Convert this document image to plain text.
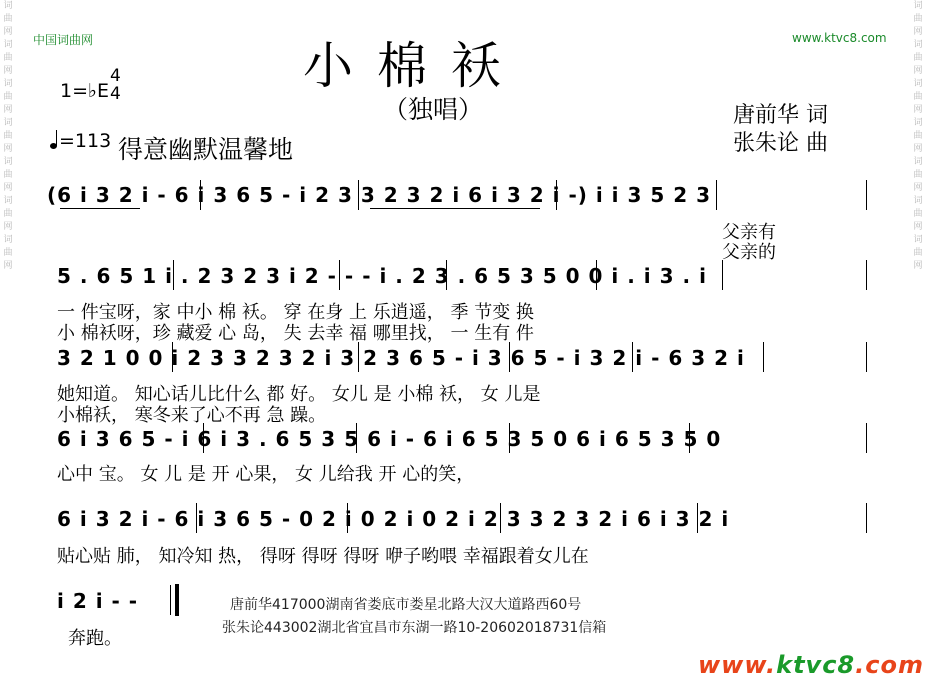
词曲网词曲网词曲网词曲网词曲网词曲网词曲网
词曲网词曲网词曲网词曲网词曲网词曲网词曲网
中国词曲网	www.ktvc8.com
小棉袄
（独唱）	唐前华 词
张朱论 曲
1=♭E
4
4
=113 得意幽默温馨地
(6 i 3 2 i - 6 i 3 6 5 - i 2 3 3 2 3 2 i 6 i 3 2 i -) i i 3 5 2 3
父亲有
父亲的
5 . 6 5 1 i . 2 3 2 3 i 2 - - - i . 2 3 . 6 5 3 5 0 0 i . i 3 . i
一 件宝呀，家 中小 棉 袄。 穿 在身 上 乐逍遥， 季 节变 换
小 棉袄呀，珍 藏爱 心 岛， 失 去幸 福 哪里找， 一 生有 件
3 2 1 0 0 i 2 3 3 2 3 2 i 3 2 3 6 5 - i 3 6 5 - i 3 2 i - 6 3 2 i
她知道。 知心话儿比什么 都 好。 女儿 是 小棉 袄， 女 儿是
小棉袄， 寒冬来了心不再 急 躁。
6 i 3 6 5 - i 6 i 3 . 6 5 3 5 6 i - 6 i 6 5 3 5 0 6 i 6 5 3 5 0
心中 宝。 女 儿 是 开 心果， 女 儿给我 开 心的笑，
6 i 3 2 i - 6 i 3 6 5 - 0 2 i 0 2 i 0 2 i 2 3 3 2 3 2 i 6 i 3 2 i
贴心贴 肺， 知冷知 热， 得呀 得呀 得呀 咿子哟喂 幸福跟着女儿在
i 2 i - -
奔跑。
唐前华417000湖南省娄底市娄星北路大汉大道路西60号
张朱论443002湖北省宜昌市东湖一路10-20602018731信箱
www.ktvc8.com
